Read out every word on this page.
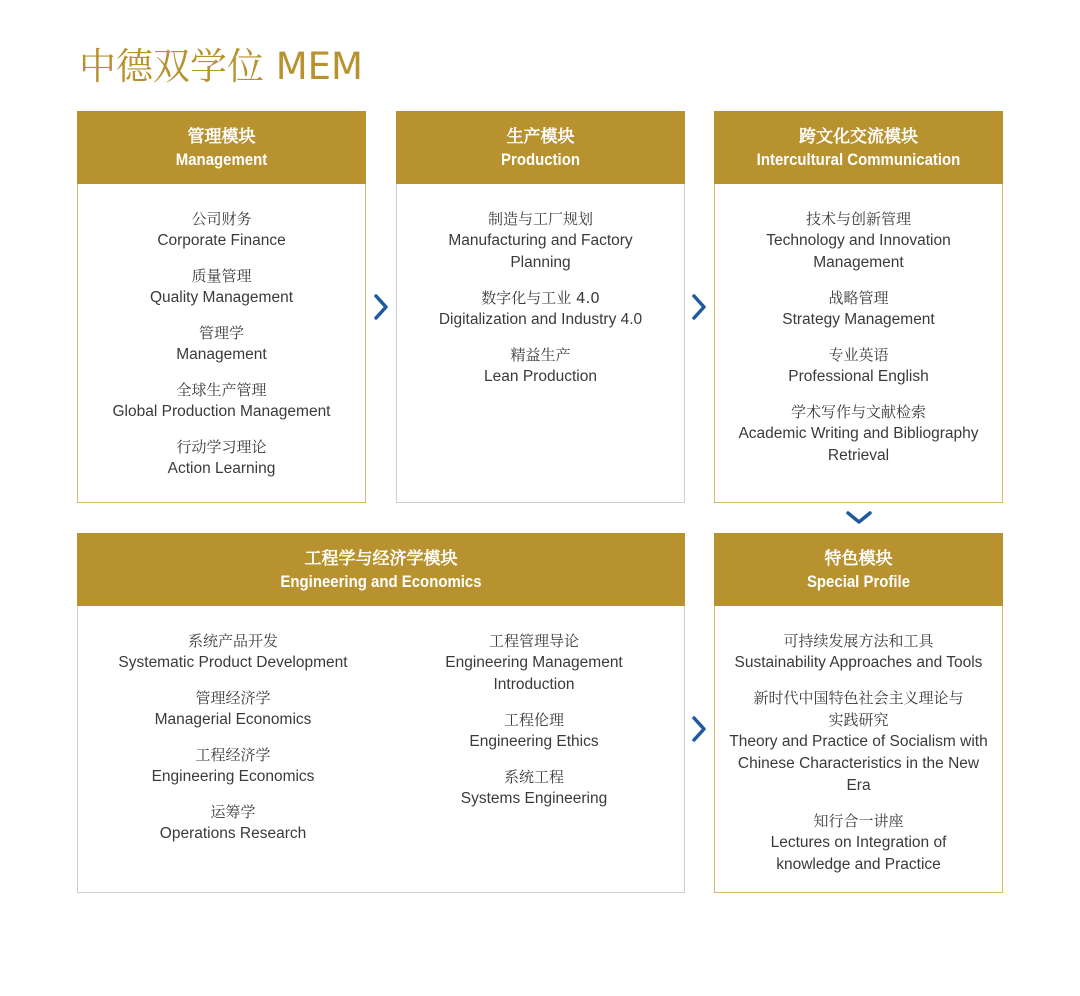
中德双学位 MEM
管理模块
Management
公司财务
Corporate Finance
质量管理
Quality Management
管理学
Management
全球生产管理
Global Production Management
行动学习理论
Action Learning
生产模块
Production
制造与工厂规划
Manufacturing and Factory Planning
数字化与工业 4.0
Digitalization and Industry 4.0
精益生产
Lean Production
跨文化交流模块
Intercultural Communication
技术与创新管理
Technology and Innovation Management
战略管理
Strategy Management
专业英语
Professional English
学术写作与文献检索
Academic Writing and Bibliography Retrieval
工程学与经济学模块
Engineering and Economics
系统产品开发
Systematic Product Development
管理经济学
Managerial Economics
工程经济学
Engineering Economics
运筹学
Operations Research
工程管理导论
Engineering Management Introduction
工程伦理
Engineering Ethics
系统工程
Systems Engineering
特色模块
Special Profile
可持续发展方法和工具
Sustainability Approaches and Tools
新时代中国特色社会主义理论与实践研究
Theory and Practice of Socialism with Chinese Characteristics in the New Era
知行合一讲座
Lectures on Integration of knowledge and Practice
